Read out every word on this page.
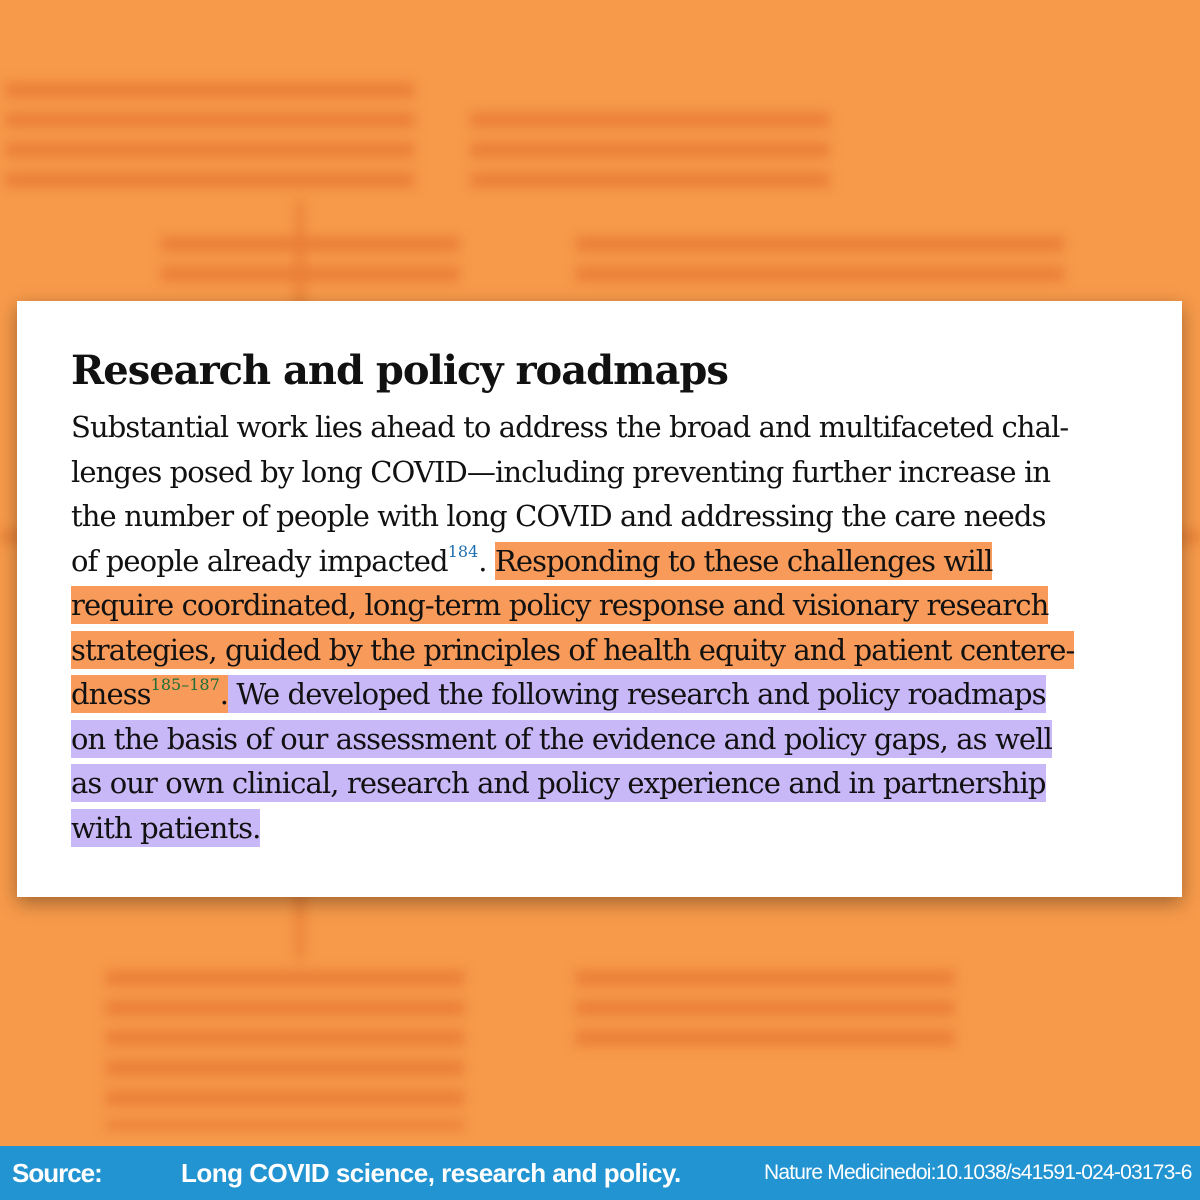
Research and policy roadmaps
Substantial work lies ahead to address the broad and multifaceted chal-
lenges posed by long COVID—including preventing further increase in
the number of people with long COVID and addressing the care needs
of people already impacted$^{184}$. Responding to these challenges will
require coordinated, long-term policy response and visionary research
strategies, guided by the principles of health equity and patient centere-
dness$^{185-187}$. We developed the following research and policy roadmaps
on the basis of our assessment of the evidence and policy gaps, as well
as our own clinical, research and policy experience and in partnership
with patients.
Source:	Long COVID science, research and policy.	Nature Medicine.
doi:10.1038/s41591-024-03173-6
